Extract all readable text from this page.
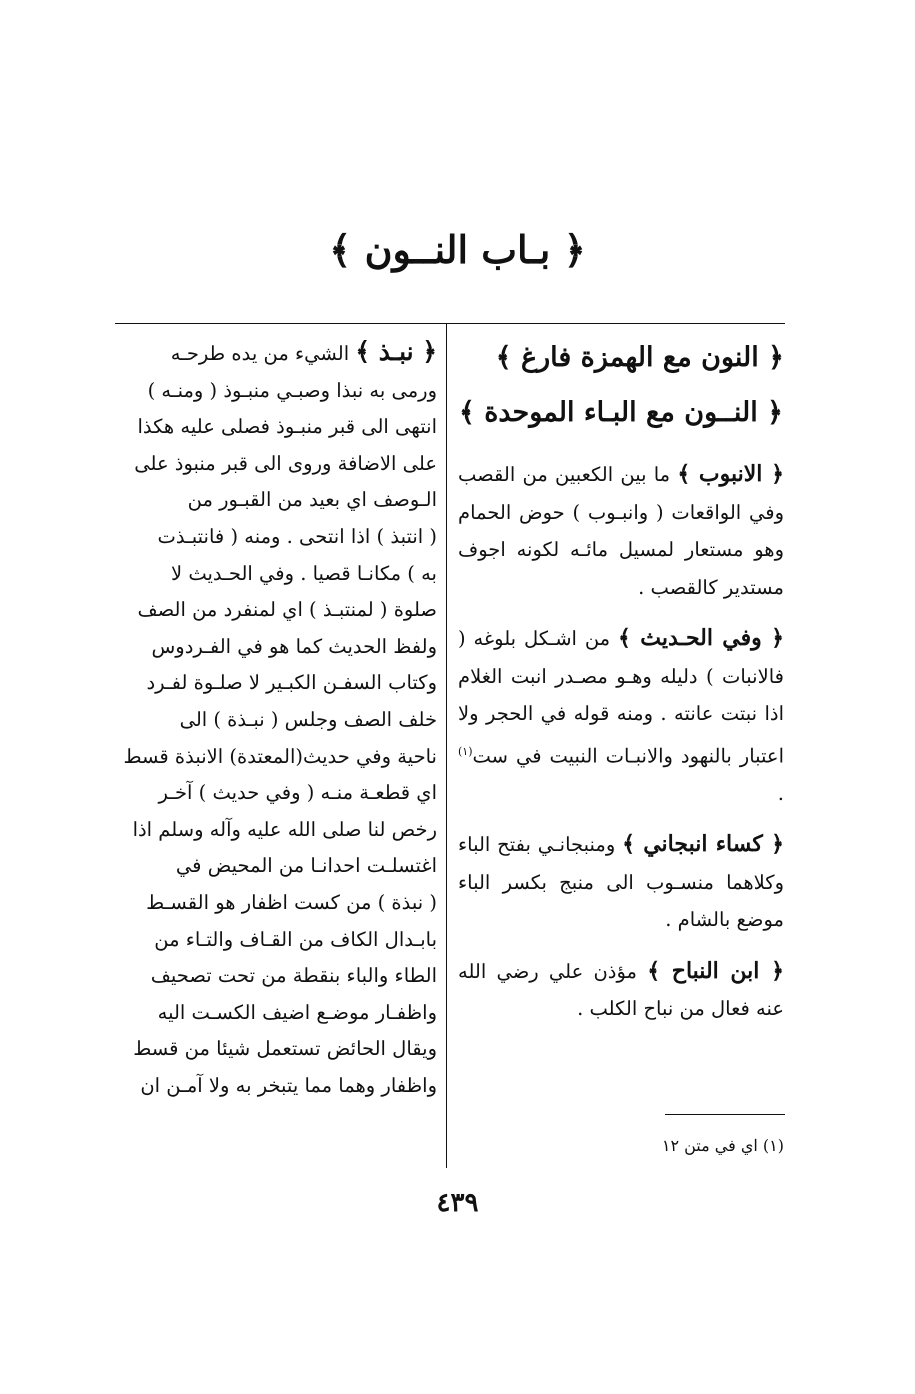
﴿ بـاب النــون ﴾
﴿ النون مع الهمزة فارغ ﴾
﴿ النــون مع البـاء الموحدة ﴾

﴿ الانبوب ﴾ ما بين الكعبين من القصب وفي الواقعات ( وانبـوب ) حوض الحمام وهو مستعار لمسيل مائـه لكونه اجوف مستدير كالقصب .

﴿ وفي الحـديث ﴾ من اشـكل بلوغه ( فالانبات ) دليله وهـو مصـدر انبت الغلام اذا نبتت عانته . ومنه قوله في الحجر ولا اعتبار بالنهود والانبـات النبيت في ست$^{(١)}$ .

﴿ كساء انبجاني ﴾ ومنبجانـي بفتح الباء وكلاهما منسـوب الى منبج بكسر الباء موضع بالشام .

﴿ ابن النباح ﴾ مؤذن علي رضي الله عنه فعال من نباح الكلب .

﴿ نبـذ ﴾ الشيء من يده طرحـه

ورمى به نبذا وصبـي منبـوذ ( ومنـه )

انتهى الى قبر منبـوذ فصلى عليه هكذا

على الاضافة وروى الى قبر منبوذ على

الـوصف اي بعيد من القبـور من

( انتبذ ) اذا انتحى . ومنه ( فانتبـذت

به ) مكانـا قصيا . وفي الحـديث لا

صلوة ( لمنتبـذ ) اي لمنفرد من الصف

ولفظ الحديث كما هو في الفـردوس

وكتاب السفـن الكبـير لا صلـوة لفـرد

خلف الصف وجلس ( نبـذة ) الى

ناحية وفي حديث(المعتدة) الانبذة قسط

اي قطعـة منـه ( وفي حديث ) آخـر

رخص لنا صلى الله عليه وآله وسلم اذا

اغتسلـت احدانـا من المحيض في

( نبذة ) من كست اظفار هو القسـط

بابـدال الكاف من القـاف والتـاء من

الطاء والباء بنقطة من تحت تصحيف

واظفـار موضـع اضيف الكسـت اليه

ويقال الحائض تستعمل شيئا من قسط

واظفار وهما مما يتبخر به ولا آمـن ان

(١) اي في متن ١٢
٤٣٩
